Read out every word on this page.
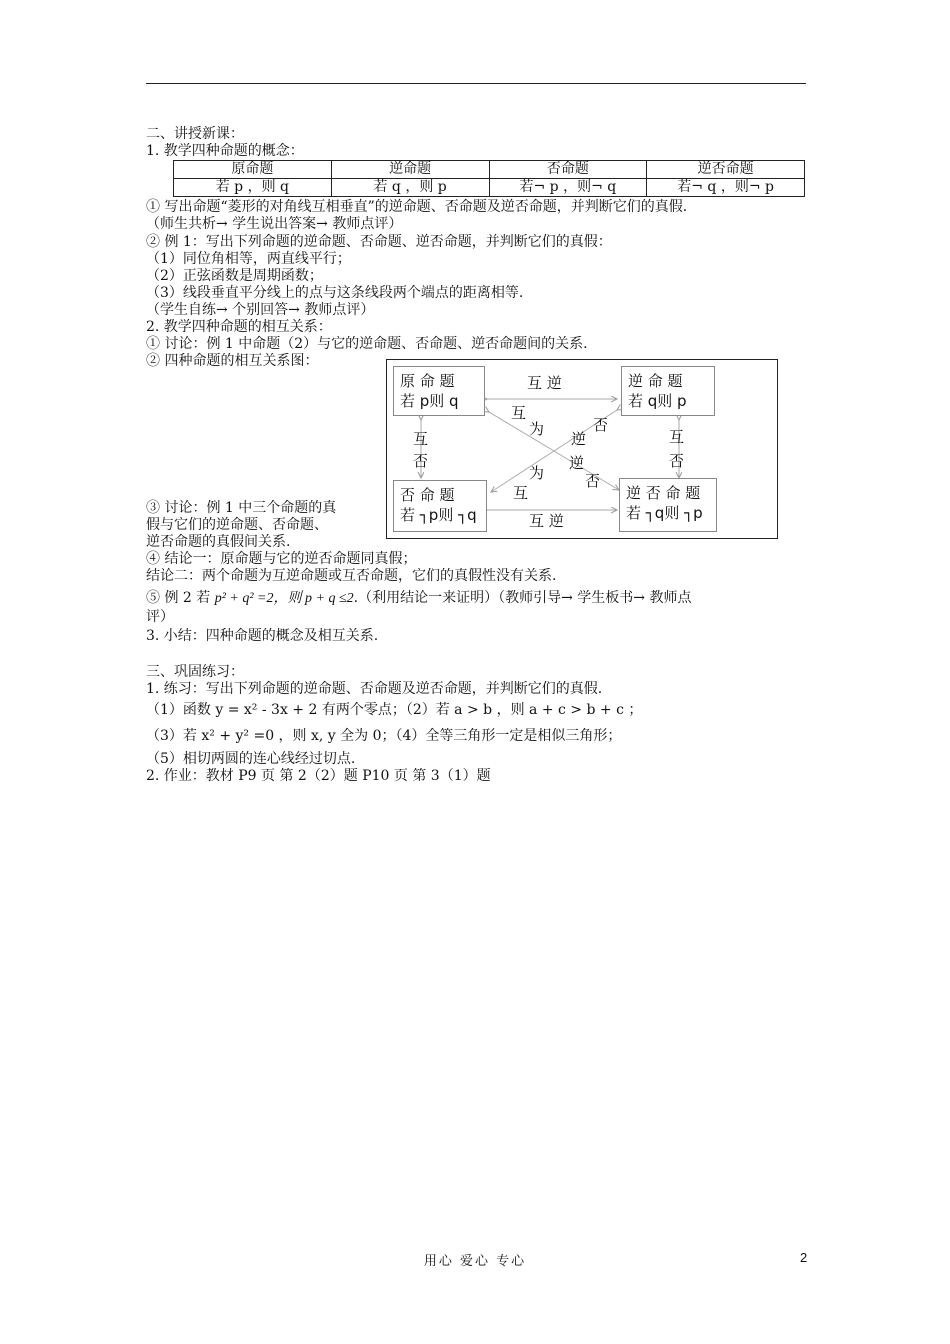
二、讲授新课：
1. 教学四种命题的概念：
原命题	逆命题	否命题	逆否命题
若 p ，则 q	若 q ，则 p	若¬ p ，则¬ q	若¬ q ，则¬ p
① 写出命题“菱形的对角线互相垂直”的逆命题、否命题及逆否命题，并判断它们的真假.
（师生共析→ 学生说出答案→ 教师点评）
② 例 1：写出下列命题的逆命题、否命题、逆否命题，并判断它们的真假：
（1）同位角相等，两直线平行；
（2）正弦函数是周期函数；
（3）线段垂直平分线上的点与这条线段两个端点的距离相等.
（学生自练→ 个别回答→ 教师点评）
2. 教学四种命题的相互关系：
① 讨论：例 1 中命题（2）与它的逆命题、否命题、逆否命题间的关系.
② 四种命题的相互关系图：
原 命 题
若 p则 q
逆 命 题
若 q则 p
否 命 题
若 ┐p则 ┐q
逆 否 命 题
若 ┐q则 ┐p
互 逆
互 逆
互
否
互
否
互
为
逆
否
逆
否
为
互
③ 讨论：例 1 中三个命题的真
假与它们的逆命题、否命题、
逆否命题的真假间关系.
④ 结论一：原命题与它的逆否命题同真假；
结论二：两个命题为互逆命题或互否命题，它们的真假性没有关系.
⑤ 例 2 若 p² + q² =2，则 p + q ≤2.（利用结论一来证明）（教师引导→ 学生板书→ 教师点
评）
3. 小结：四种命题的概念及相互关系.
三、巩固练习：
1. 练习：写出下列命题的逆命题、否命题及逆否命题，并判断它们的真假.
（1）函数 y = x² - 3x + 2 有两个零点；（2）若 a > b ，则 a + c > b + c ；
（3）若 x² + y² =0 ，则 x, y 全为 0；（4）全等三角形一定是相似三角形；
（5）相切两圆的连心线经过切点.
2. 作业：教材 P9 页 第 2（2）题 P10 页 第 3（1）题
用心 爱心 专心	2
